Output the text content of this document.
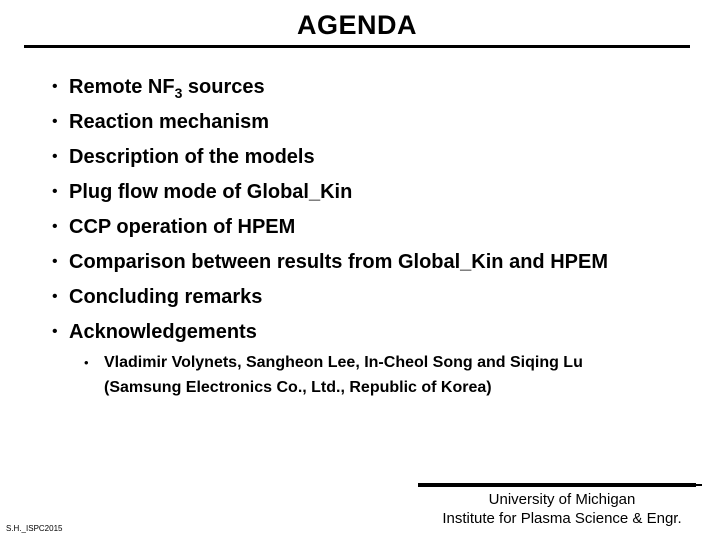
AGENDA
• Remote $NF_3$ sources
• Reaction mechanism
• Description of the models
• Plug flow mode of Global_Kin
• CCP operation of HPEM
• Comparison between results from Global_Kin and HPEM
• Concluding remarks
• Acknowledgements
• Vladimir Volynets, Sangheon Lee, In-Cheol Song and Siqing Lu
(Samsung Electronics Co., Ltd., Republic of Korea)
University of Michigan
Institute for Plasma Science & Engr.
S.H._ISPC2015
